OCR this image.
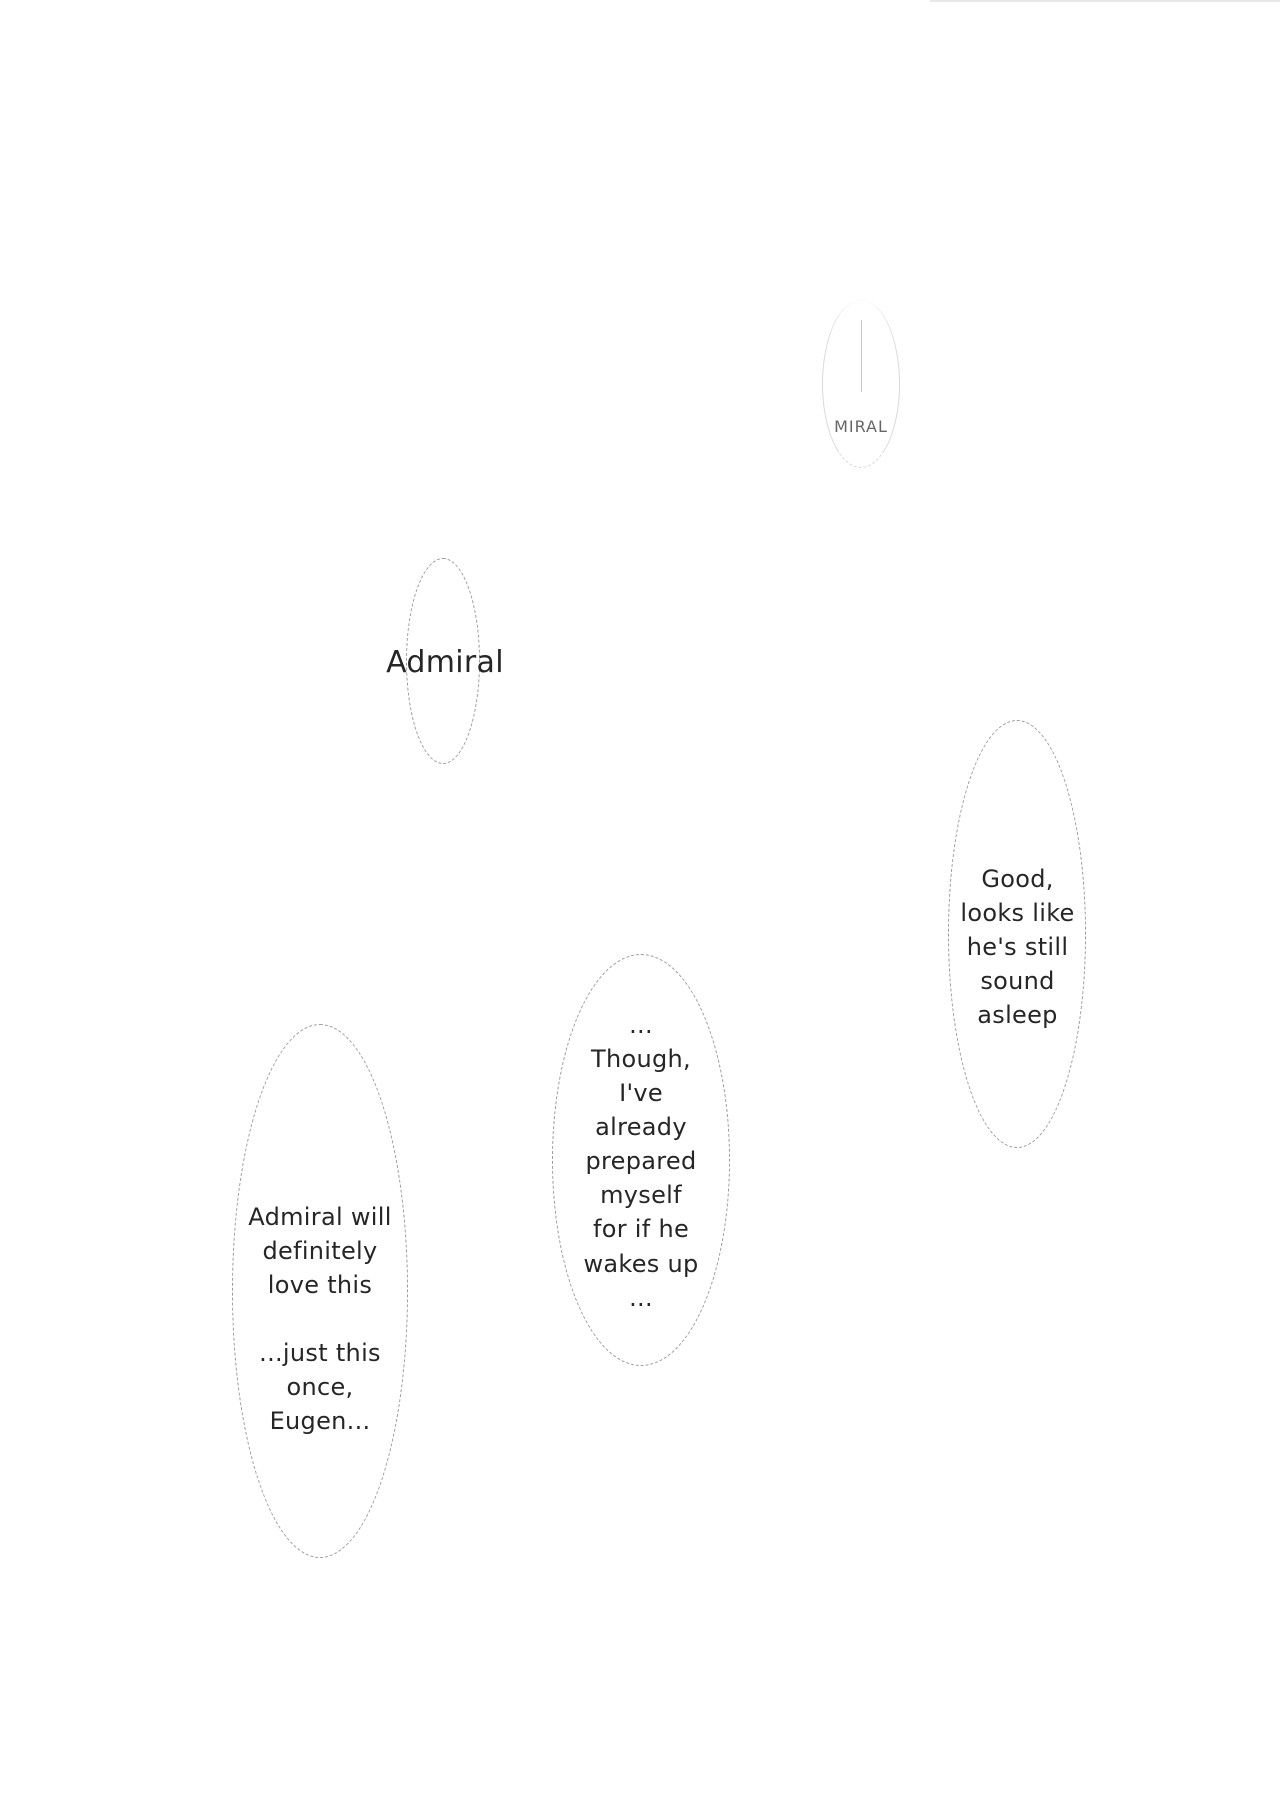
MIRAL
Admiral
Good,
looks like
he's still
sound
asleep
...
Though,
I've
already
prepared
myself
for if he
wakes up
...
Admiral will
definitely
love this

...just this
once,
Eugen...
